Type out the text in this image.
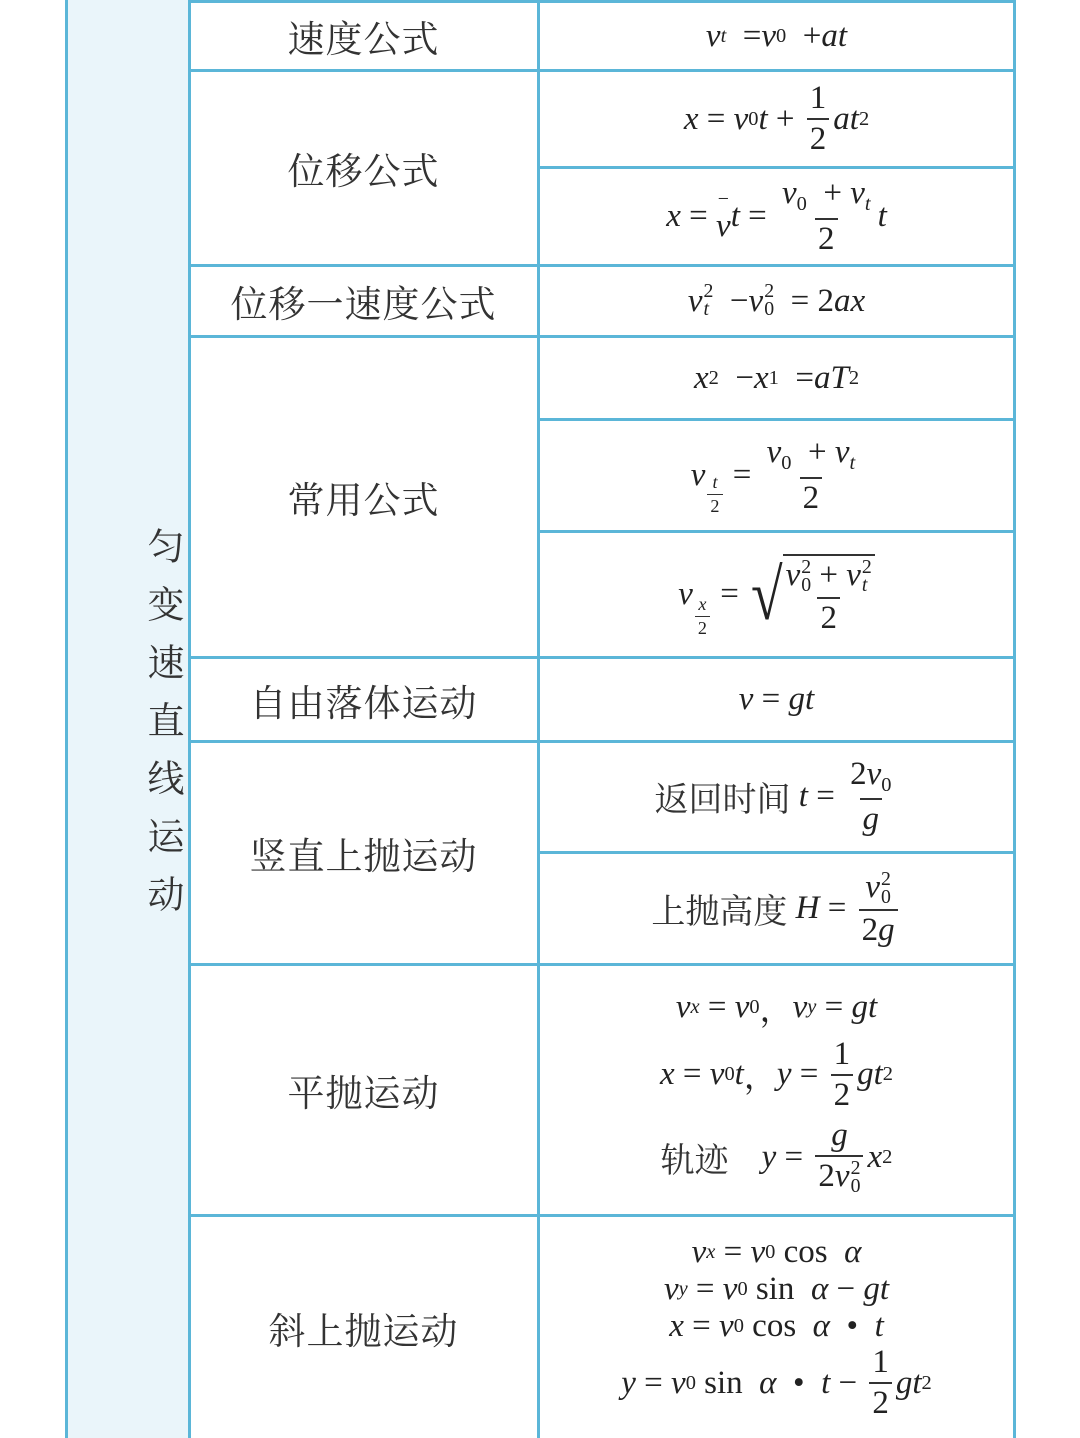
匀变速直线运动
速度公式
位移公式
位移一速度公式
常用公式
自由落体运动
竖直上抛运动
平抛运动
斜上抛运动
v t = v 0 + at
x = v 0 $t + \frac{1}{2}$ at 2
x = −
v $t = \frac{v_0 + v_t}{2}$ t
v 2
t − v 2
0 = 2 ax
x 2 − x 1 = aT 2
v $\frac{t}{2} = \frac{v_0 + v_t}{2}$
v
$\frac{x}{2}$
= √ v 2
0 + v 2
t
2
v = gt
返回时间
$t = \frac{2v_0}{g}$
上抛高度
H = v 2
0
2g
v x = v 0 ， v y = gt
x = v 0 t ， $y = \frac{1}{2}$ gt 2
轨迹
y = g
2v 2
0 x 2
v x = v 0 cos α
v y = v 0 sin α − gt
x = v 0 cos α • t
y = v 0 sin α • $t - \frac{1}{2}$ gt 2
